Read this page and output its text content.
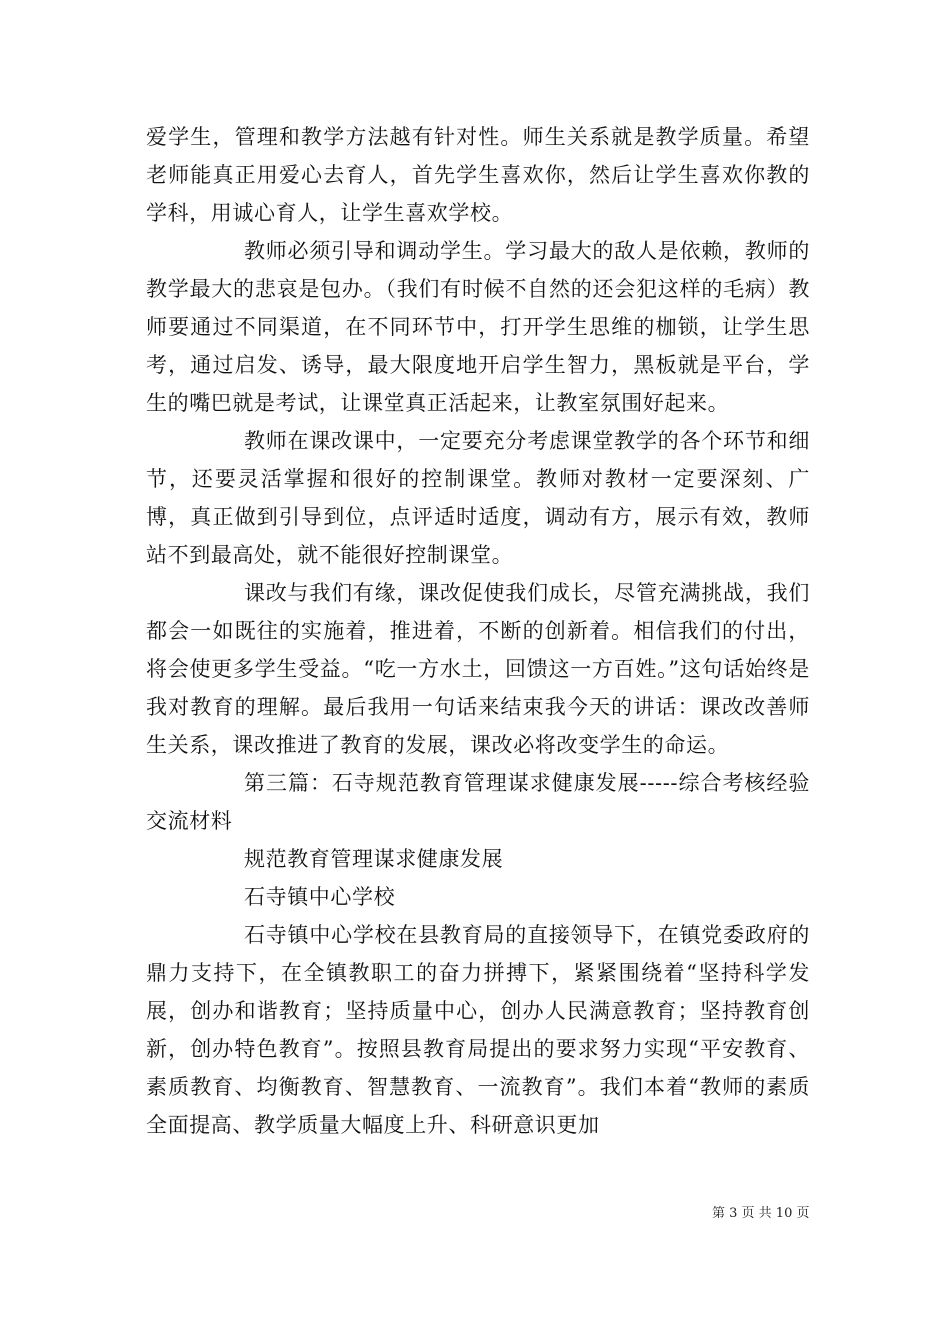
爱学生，管理和教学方法越有针对性。师生关系就是教学质量。希望老师能真正用爱心去育人，首先学生喜欢你，然后让学生喜欢你教的学科，用诚心育人，让学生喜欢学校。

教师必须引导和调动学生。学习最大的敌人是依赖，教师的教学最大的悲哀是包办。（我们有时候不自然的还会犯这样的毛病）教师要通过不同渠道，在不同环节中，打开学生思维的枷锁，让学生思考，通过启发、诱导，最大限度地开启学生智力，黑板就是平台，学生的嘴巴就是考试，让课堂真正活起来，让教室氛围好起来。

教师在课改课中，一定要充分考虑课堂教学的各个环节和细节，还要灵活掌握和很好的控制课堂。教师对教材一定要深刻、广博，真正做到引导到位，点评适时适度，调动有方，展示有效，教师站不到最高处，就不能很好控制课堂。

课改与我们有缘，课改促使我们成长，尽管充满挑战，我们都会一如既往的实施着，推进着，不断的创新着。相信我们的付出，将会使更多学生受益。“吃一方水土，回馈这一方百姓。”这句话始终是我对教育的理解。最后我用一句话来结束我今天的讲话：课改改善师生关系，课改推进了教育的发展，课改必将改变学生的命运。

第三篇：石寺规范教育管理谋求健康发展-----综合考核经验交流材料

规范教育管理谋求健康发展

石寺镇中心学校

石寺镇中心学校在县教育局的直接领导下，在镇党委政府的鼎力支持下，在全镇教职工的奋力拼搏下，紧紧围绕着“坚持科学发展，创办和谐教育；坚持质量中心，创办人民满意教育；坚持教育创新，创办特色教育”。按照县教育局提出的要求努力实现“平安教育、素质教育、均衡教育、智慧教育、一流教育”。我们本着“教师的素质全面提高、教学质量大幅度上升、科研意识更加

第 3 页 共 10 页
